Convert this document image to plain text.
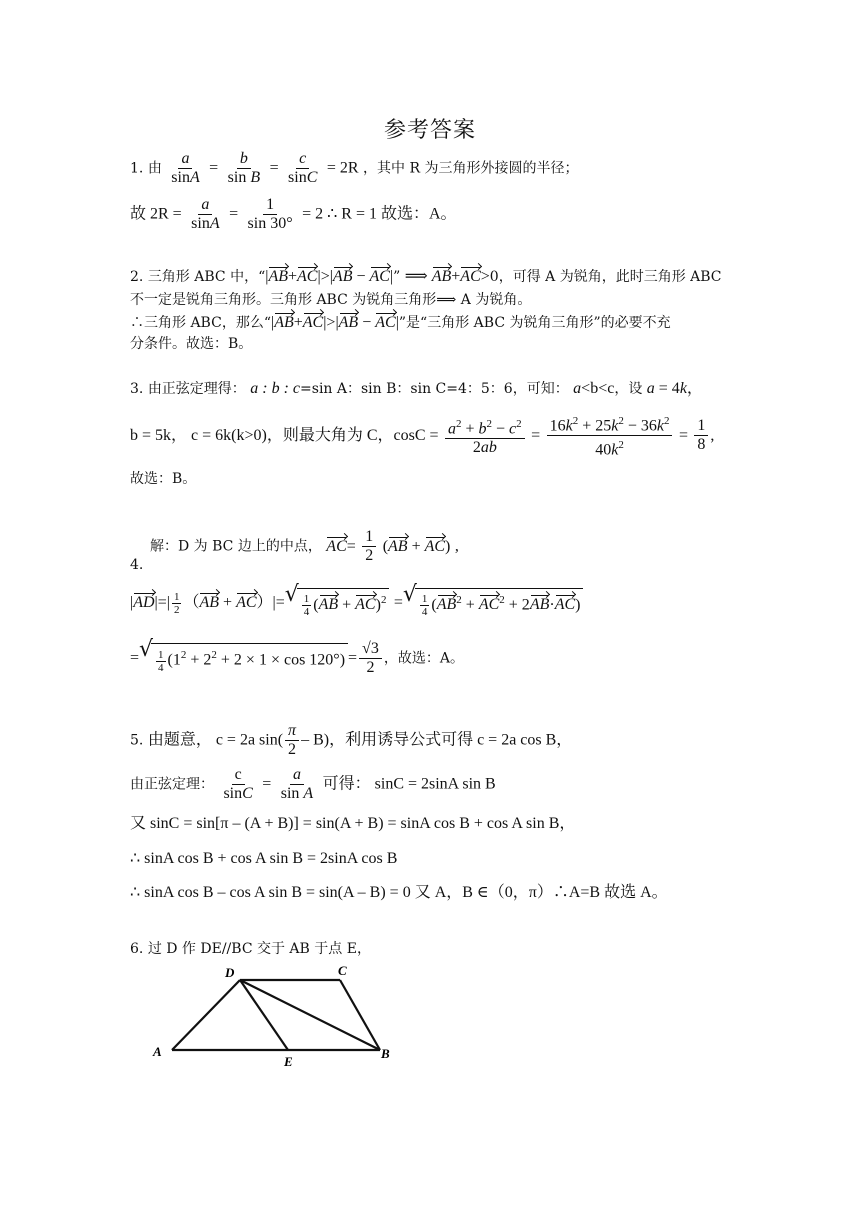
参考答案
1. 由 $\frac{a}{\sin A} = \frac{b}{\text{sin B}} = \frac{c}{\sin C} = 2R$ ，其中 R 为三角形外接圆的半径；
故 $2R = \frac{a}{\sin A} = \frac{1}{\sin 30^\circ} = 2$ ∴ R = 1 故选：A。
2. 三角形 ABC 中，“|AB+AC|>|AB − AC|” ⟹ AB+AC>0，可得 A 为锐角，此时三角形 ABC
不一定是锐角三角形。三角形 ABC 为锐角三角形⟹ A 为锐角。
∴三角形 ABC，那么“|AB+AC|>|AB − AC|”是“三角形 ABC 为锐角三角形”的必要不充
分条件。故选：B。
3. 由正弦定理得： a : b : c=sin A：sin B：sin C=4：5：6，可知： a<b<c，设 a = 4k，
b = 5k， c = 6k(k>0)，则最大角为 C，$\cos C = \frac{a^2 + b^2 - c^2}{2ab} = \frac{16k^2 + 25k^2 - 36k^2}{40k^2} = \frac{1}{8}$ ,
故选：B。
解：D 为 BC 边上的中点， $AC= \frac{1}{2} (AB + AC)$ ,
4.
$|AD|=| \frac{1}{2} (AB + AC)|=$ √ $\frac{1}{4} (AB + AC)^2$ = √ $\frac{1}{4} (AB^2 + AC^2 + 2AB\cdot AC)$
= √ $\frac{1}{4} (1^2 + 2^2 + 2 \times 1 \times \cos 120^\circ) = \frac{√3}{2}$ ，故选：A。
5. 由题意， c = 2a $\sin( \frac{\pi}{2} - B)$，利用诱导公式可得 c = 2a cos B，
由正弦定理： $\frac{c}{\sin C} = \frac{a}{\text{sin A}}$ 可得： sinC = 2sinA sin B
又 sinC = sin[π – (A + B)] = sin(A + B) = sinA cos B + cos A sin B，
∴ sinA cos B + cos A sin B = 2sinA cos B
∴ sinA cos B – cos A sin B = sin(A – B) = 0 又 A，B ∈（0，π）∴A=B 故选 A。
6. 过 D 作 DE//BC 交于 AB 于点 E，
A	B
C
D
E
